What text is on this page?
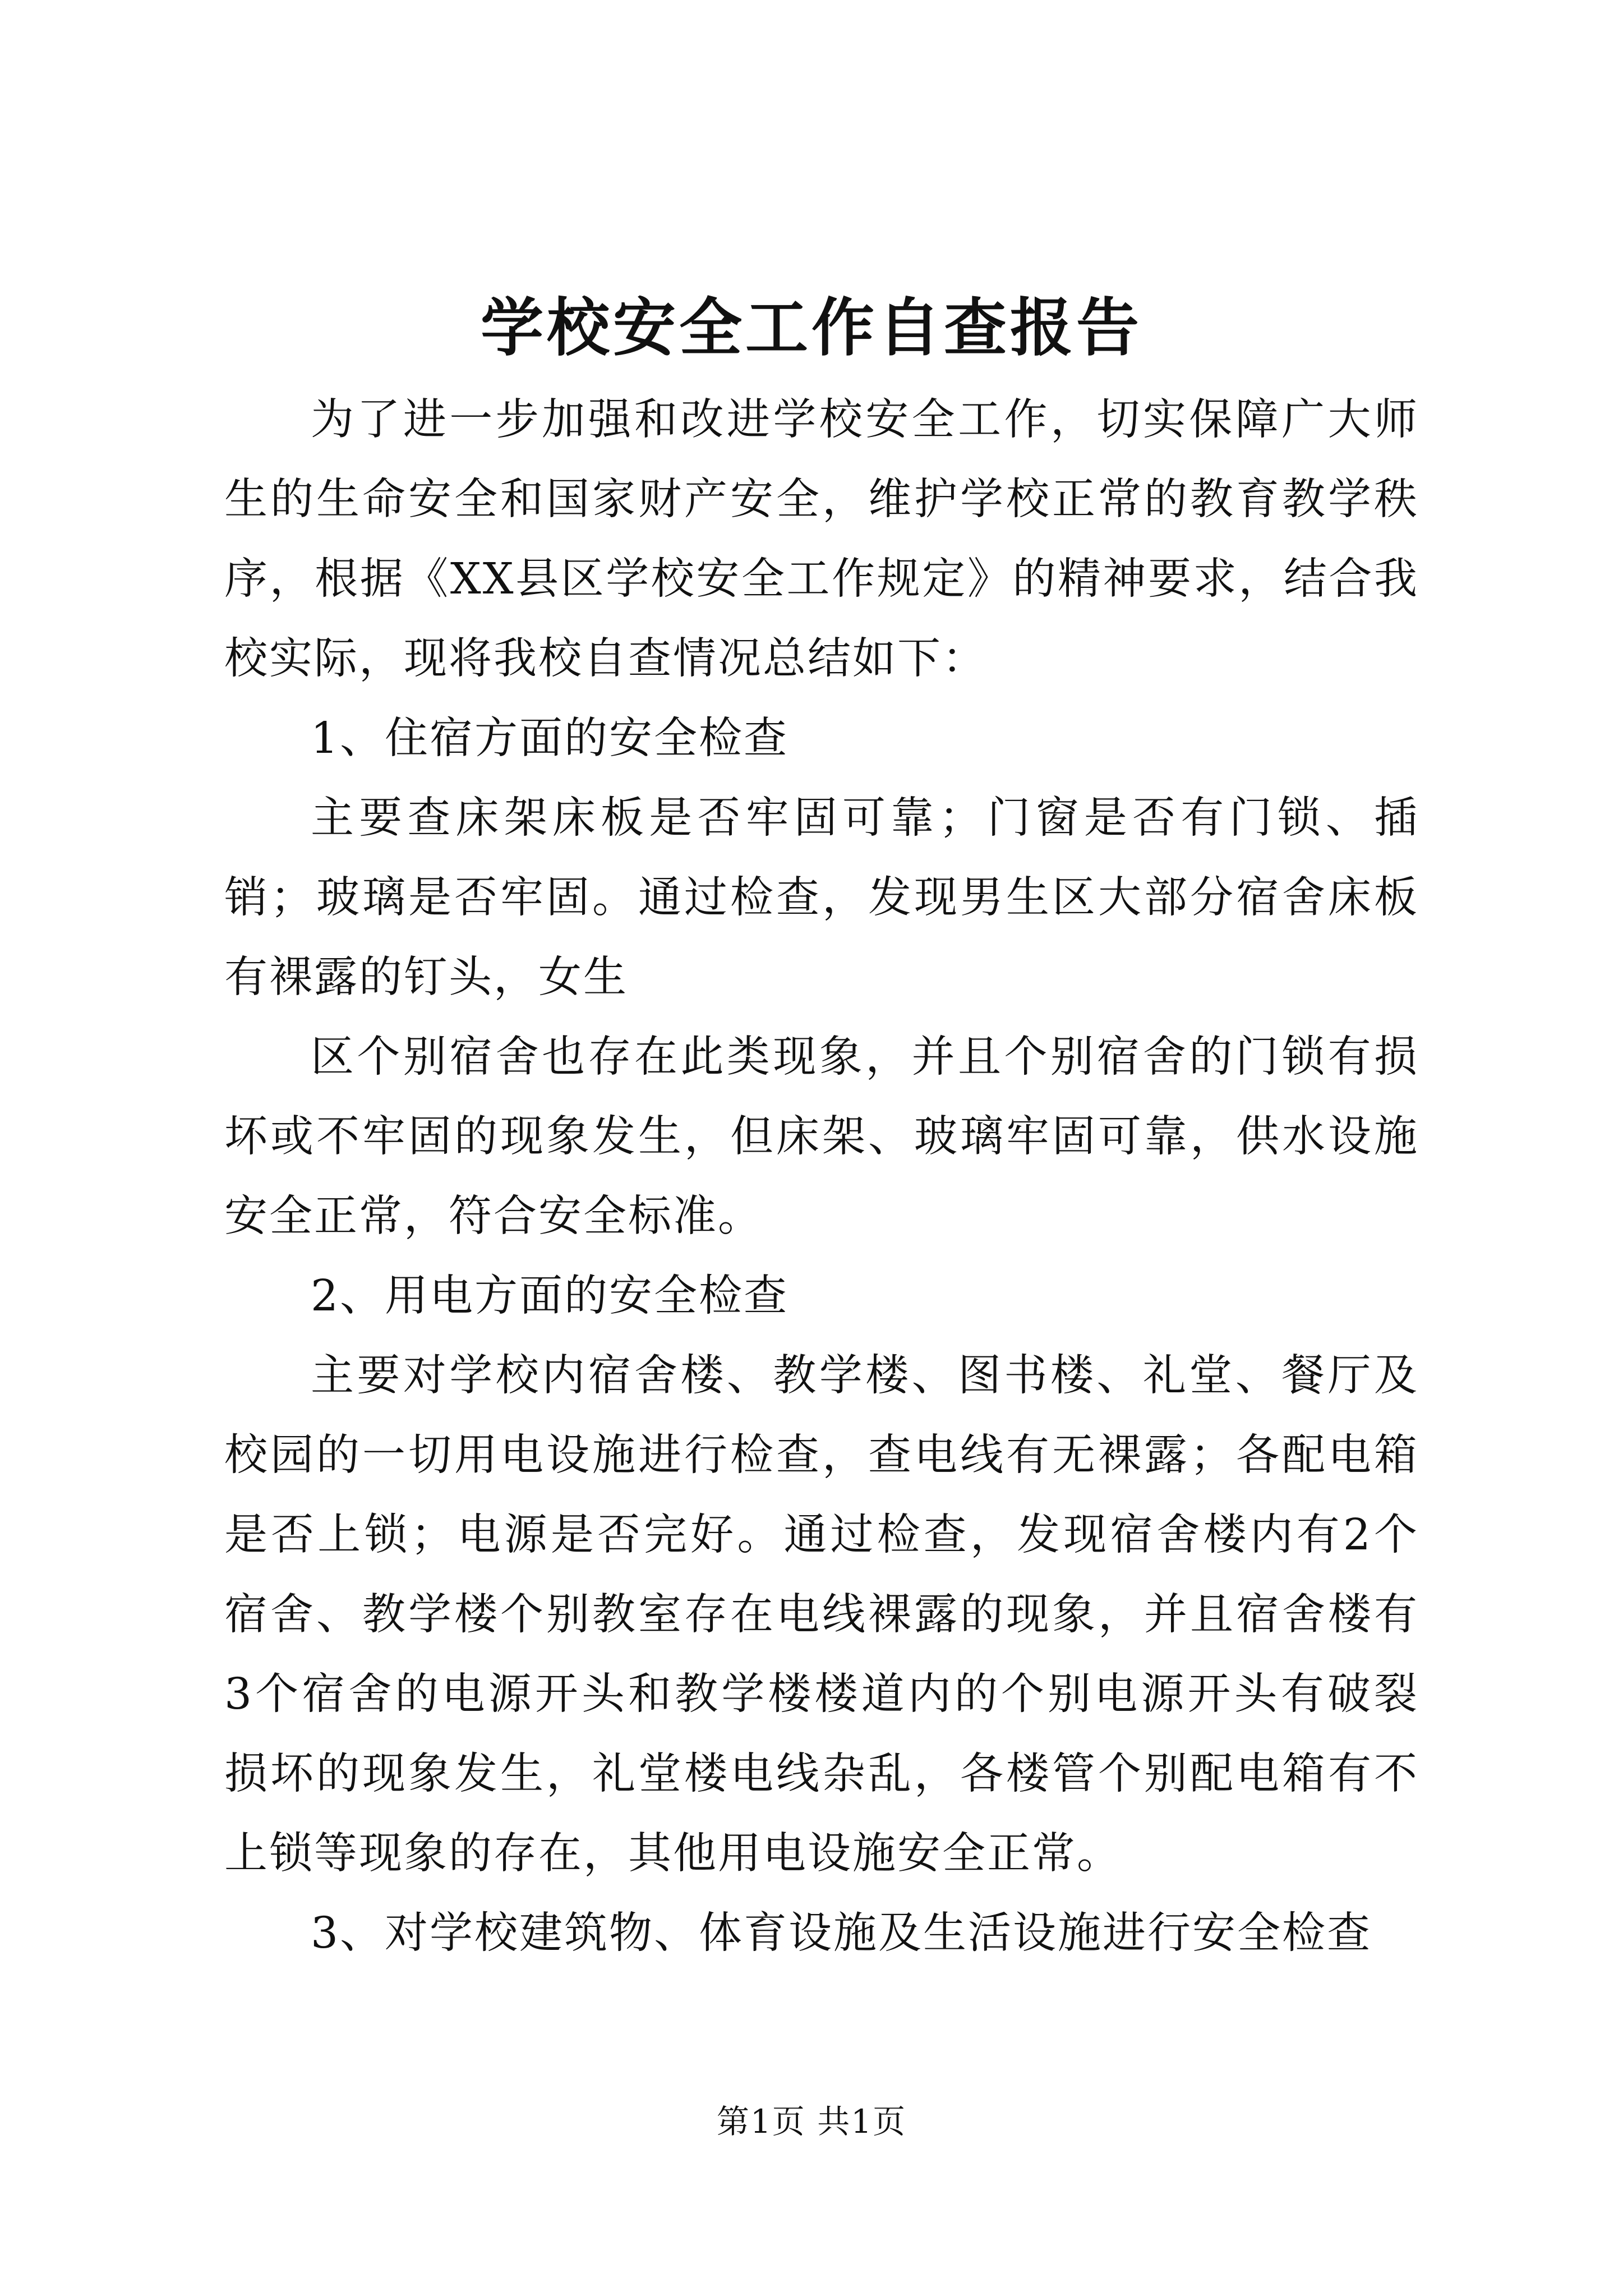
学校安全工作自查报告

为了进一步加强和改进学校安全工作，切实保障广大师生的生命安全和国家财产安全，维护学校正常的教育教学秩序，根据《XX县区学校安全工作规定》的精神要求，结合我校实际，现将我校自查情况总结如下：

1、住宿方面的安全检查

主要查床架床板是否牢固可靠；门窗是否有门锁、插销；玻璃是否牢固。通过检查，发现男生区大部分宿舍床板有裸露的钉头，女生

区个别宿舍也存在此类现象，并且个别宿舍的门锁有损坏或不牢固的现象发生，但床架、玻璃牢固可靠，供水设施安全正常，符合安全标准。

2、用电方面的安全检查

主要对学校内宿舍楼、教学楼、图书楼、礼堂、餐厅及校园的一切用电设施进行检查，查电线有无裸露；各配电箱是否上锁；电源是否完好。通过检查，发现宿舍楼内有2个宿舍、教学楼个别教室存在电线裸露的现象，并且宿舍楼有3个宿舍的电源开头和教学楼楼道内的个别电源开头有破裂损坏的现象发生，礼堂楼电线杂乱，各楼管个别配电箱有不上锁等现象的存在，其他用电设施安全正常。

3、对学校建筑物、体育设施及生活设施进行安全检查

第1页 共1页
